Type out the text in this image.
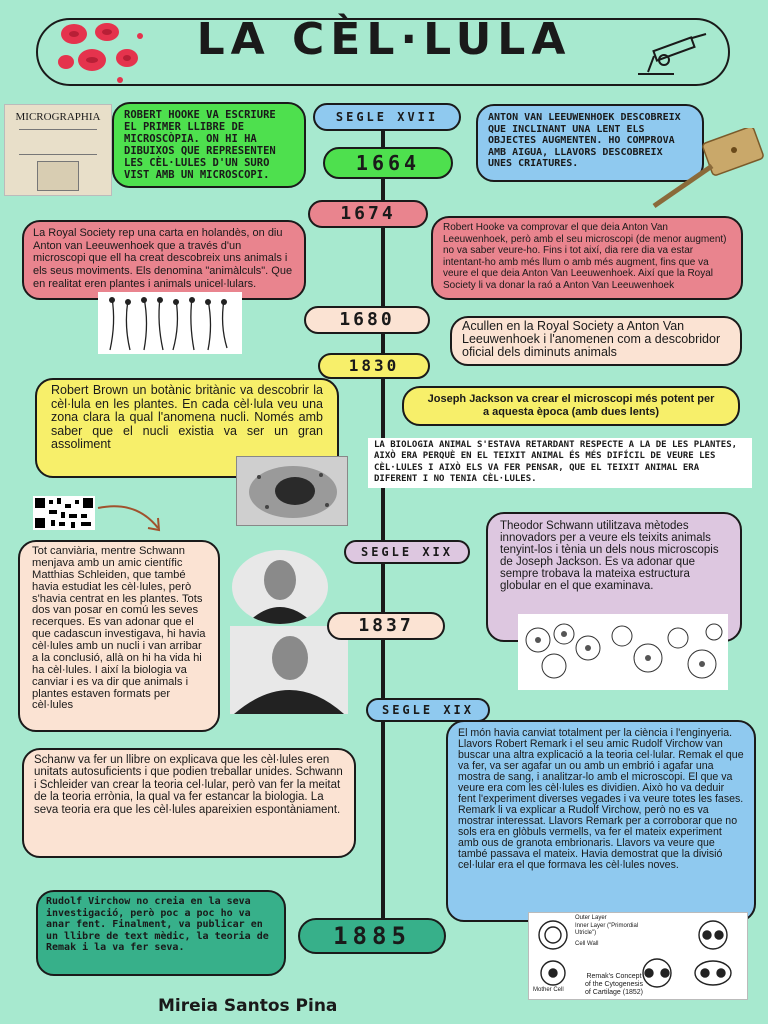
LA CÈL·LULA
SEGLE XVII
MICROGRAPHIA	ROBERT HOOKE VA ESCRIURE EL PRIMER LLIBRE DE MICROSCÒPIA. ON HI HA DIBUIXOS QUE REPRESENTEN LES CÈL·LULES D'UN SURO VIST AMB UN MICROSCOPI.
ANTON VAN LEEUWENHOEK DESCOBREIX QUE INCLINANT UNA LENT ELS OBJECTES AUGMENTEN. HO COMPROVA AMB AIGUA, LLAVORS DESCOBREIX UNES CRIATURES.
1664
1674
La Royal Society rep una carta en holandès, on diu Anton van Leeuwenhoek que a través d'un microscopi que ell ha creat descobreix uns animals i els seus moviments. Els denomina "animàlculs". Que en realitat eren plantes i animals unicel·lulars.
Robert Hooke va comprovar el que deia Anton Van Leeuwenhoek, però amb el seu microscopi (de menor augment) no va saber veure-ho. Fins i tot així, dia rere dia va estar intentant-ho amb més llum o amb més augment, fins que va veure el que deia Anton Van Leeuwenhoek. Així que la Royal Society li va donar la raó a Anton Van Leeuwenhoek
1680	Acullen en la Royal Society a Anton Van Leeuwenhoek i l'anomenen com a descobridor oficial dels diminuts animals
1830
Robert Brown un botànic britànic va descobrir la cèl·lula en les plantes. En cada cèl·lula veu una zona clara la qual l'anomena nucli. Només amb saber que el nucli existia va ser un gran assoliment
Joseph Jackson va crear el microscopi més potent per a aquesta època (amb dues lents)
LA BIOLOGIA ANIMAL S'ESTAVA RETARDANT RESPECTE A LA DE LES PLANTES, AIXÒ ERA PERQUÈ EN EL TEIXIT ANIMAL ÉS MÉS DIFÍCIL DE VEURE LES CÈL·LULES I AIXÒ ELS VA FER PENSAR, QUE EL TEIXIT ANIMAL ERA DIFERENT I NO TENIA CÈL·LULES.
SEGLE XIX
Tot canviària, mentre Schwann menjava amb un amic científic Matthias Schleiden, que també havia estudiat les cèl·lules, però s'havia centrat en les plantes. Tots dos van posar en comú les seves recerques. Es van adonar que el que cadascun investigava, hi havia cèl·lules amb un nucli i van arribar a la conclusió, allà on hi ha vida hi ha cèl·lules. I així la biologia va canviar i es va dir que animals i plantes estaven formats per cèl·lules
Theodor Schwann utilitzava mètodes innovadors per a veure els teixits animals tenyint-los i tènia un dels nous microscopis de Joseph Jackson. Es va adonar que sempre trobava la mateixa estructura globular en el que examinava.
1837
SEGLE XIX
Schanw va fer un llibre on explicava que les cèl·lules eren unitats autosuficients i que podien treballar unides. Schwann i Schleider van crear la teoria cel·lular, però van fer la meitat de la teoria errònia, la qual va fer estancar la biologia. La seva teoria era que les cèl·lules apareixien espontàniament.
El món havia canviat totalment per la ciència i l'enginyeria. Llavors Robert Remark i el seu amic Rudolf Virchow van buscar una altra explicació a la teoria cel·lular. Remak el que va fer, va ser agafar un ou amb un embrió i agafar una mostra de sang, i analitzar-lo amb el microscopi. El que va veure era com les cèl·lules es dividien. Això ho va deduir fent l'experiment diverses vegades i va veure totes les fases. Remark li va explicar a Rudolf Virchow, però no es va mostrar interessat. Llavors Remark per a corroborar que no sols era en glòbuls vermells, va fer el mateix experiment amb ous de granota embrionaris. Llavors va veure que també passava el mateix. Havia demostrat que la divisió cel·lular era el que formava les cèl·lules noves.
Rudolf Virchow no creia en la seva investigació, però poc a poc ho va anar fent. Finalment, va publicar en un llibre de text mèdic, la teoria de Remak i la va fer seva.	1885
Outer Layer
Inner Layer ("Primordial Utricle")
Cell Wall
Mother Cell
Remak's Concept of the Cytogenesis of Cartilage (1852)
Mireia Santos Pina
